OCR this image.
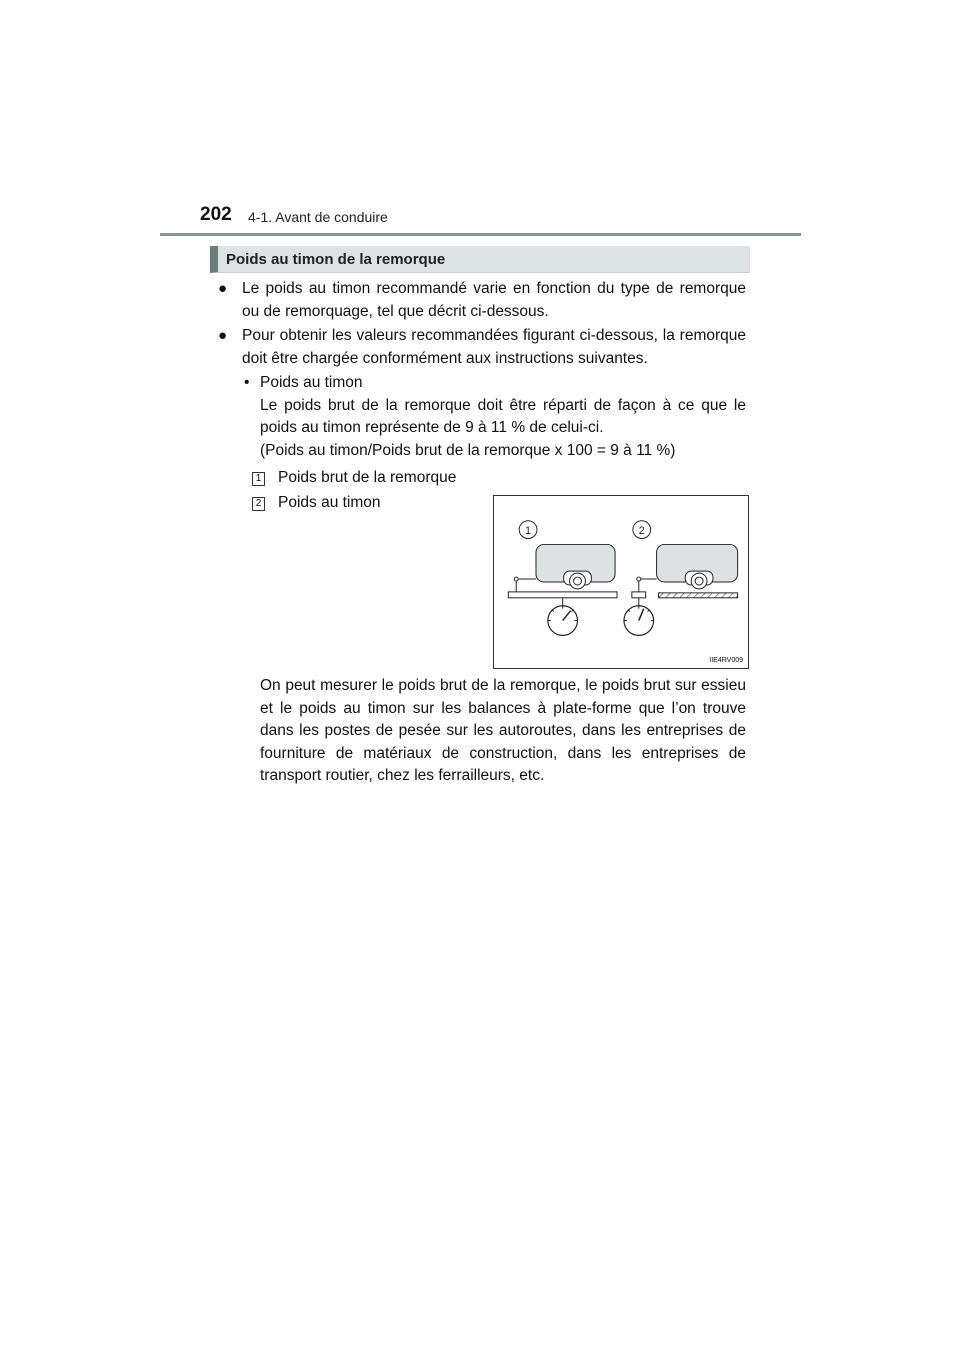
202 4-1. Avant de conduire
Poids au timon de la remorque
● Le poids au timon recommandé varie en fonction du type de remorque ou de remorquage, tel que décrit ci-dessous.
● Pour obtenir les valeurs recommandées figurant ci-dessous, la remorque doit être chargée conformément aux instructions suivantes.
• Poids au timon
Le poids brut de la remorque doit être réparti de façon à ce que le poids au timon représente de 9 à 11 % de celui-ci.
(Poids au timon/Poids brut de la remorque x 100 = 9 à 11 %)
1 Poids brut de la remorque
2 Poids au timon
1	2
IIE4RV009
On peut mesurer le poids brut de la remorque, le poids brut sur essieu et le poids au timon sur les balances à plate-forme que l’on trouve dans les postes de pesée sur les autoroutes, dans les entreprises de fourniture de matériaux de construction, dans les entreprises de transport routier, chez les ferrailleurs, etc.
